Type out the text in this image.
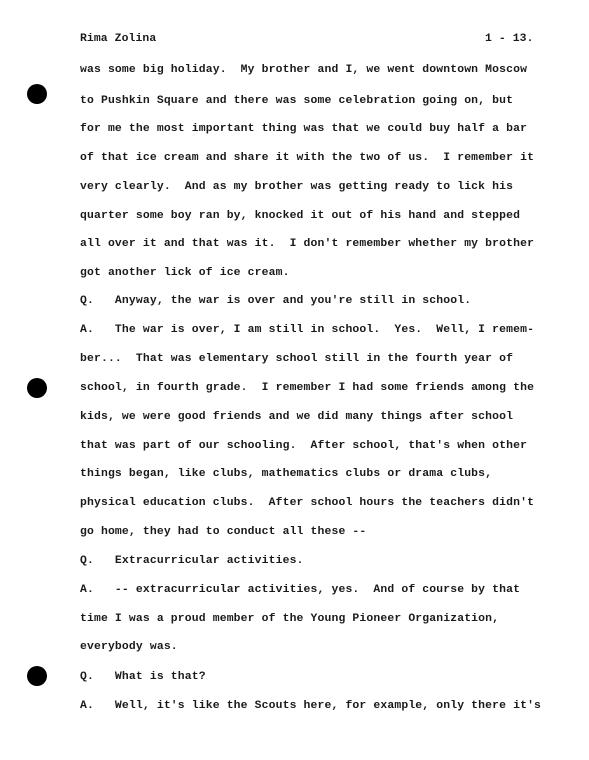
Rima Zolina	1 - 13.
was some big holiday.  My brother and I, we went downtown Moscow
to Pushkin Square and there was some celebration going on, but
for me the most important thing was that we could buy half a bar
of that ice cream and share it with the two of us.  I remember it
very clearly.  And as my brother was getting ready to lick his
quarter some boy ran by, knocked it out of his hand and stepped
all over it and that was it.  I don't remember whether my brother
got another lick of ice cream.
Q.   Anyway, the war is over and you're still in school.
A.   The war is over, I am still in school.  Yes.  Well, I remem-
ber...  That was elementary school still in the fourth year of
school, in fourth grade.  I remember I had some friends among the
kids, we were good friends and we did many things after school
that was part of our schooling.  After school, that's when other
things began, like clubs, mathematics clubs or drama clubs,
physical education clubs.  After school hours the teachers didn't
go home, they had to conduct all these --
Q.   Extracurricular activities.
A.   -- extracurricular activities, yes.  And of course by that
time I was a proud member of the Young Pioneer Organization,
everybody was.
Q.   What is that?
A.   Well, it's like the Scouts here, for example, only there it's
